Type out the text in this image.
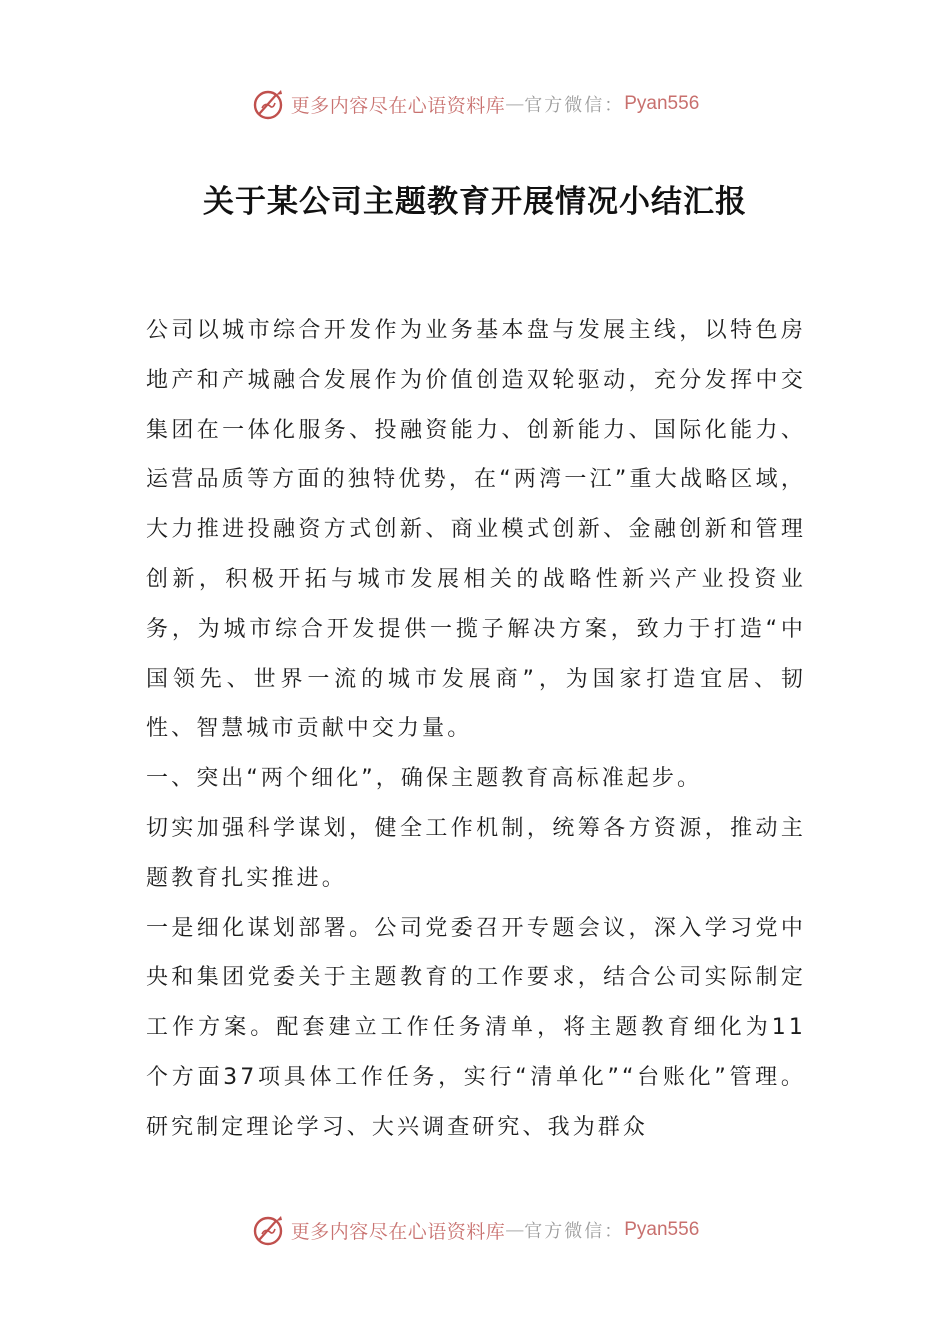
更多内容尽在心语资料库 — 官方微信： Pyan556
关于某公司主题教育开展情况小结汇报

公司以城市综合开发作为业务基本盘与发展主线，以特色房地产和产城融合发展作为价值创造双轮驱动，充分发挥中交集团在一体化服务、投融资能力、创新能力、国际化能力、运营品质等方面的独特优势，在“两湾一江”重大战略区域，大力推进投融资方式创新、商业模式创新、金融创新和管理创新，积极开拓与城市发展相关的战略性新兴产业投资业务，为城市综合开发提供一揽子解决方案，致力于打造“中国领先、世界一流的城市发展商”，为国家打造宜居、韧性、智慧城市贡献中交力量。

一、突出“两个细化”，确保主题教育高标准起步。

切实加强科学谋划，健全工作机制，统筹各方资源，推动主题教育扎实推进。

一是细化谋划部署。公司党委召开专题会议，深入学习党中央和集团党委关于主题教育的工作要求，结合公司实际制定工作方案。配套建立工作任务清单，将主题教育细化为11个方面37项具体工作任务，实行“清单化”“台账化”管理。研究制定理论学习、大兴调查研究、我为群众

更多内容尽在心语资料库 — 官方微信： Pyan556
